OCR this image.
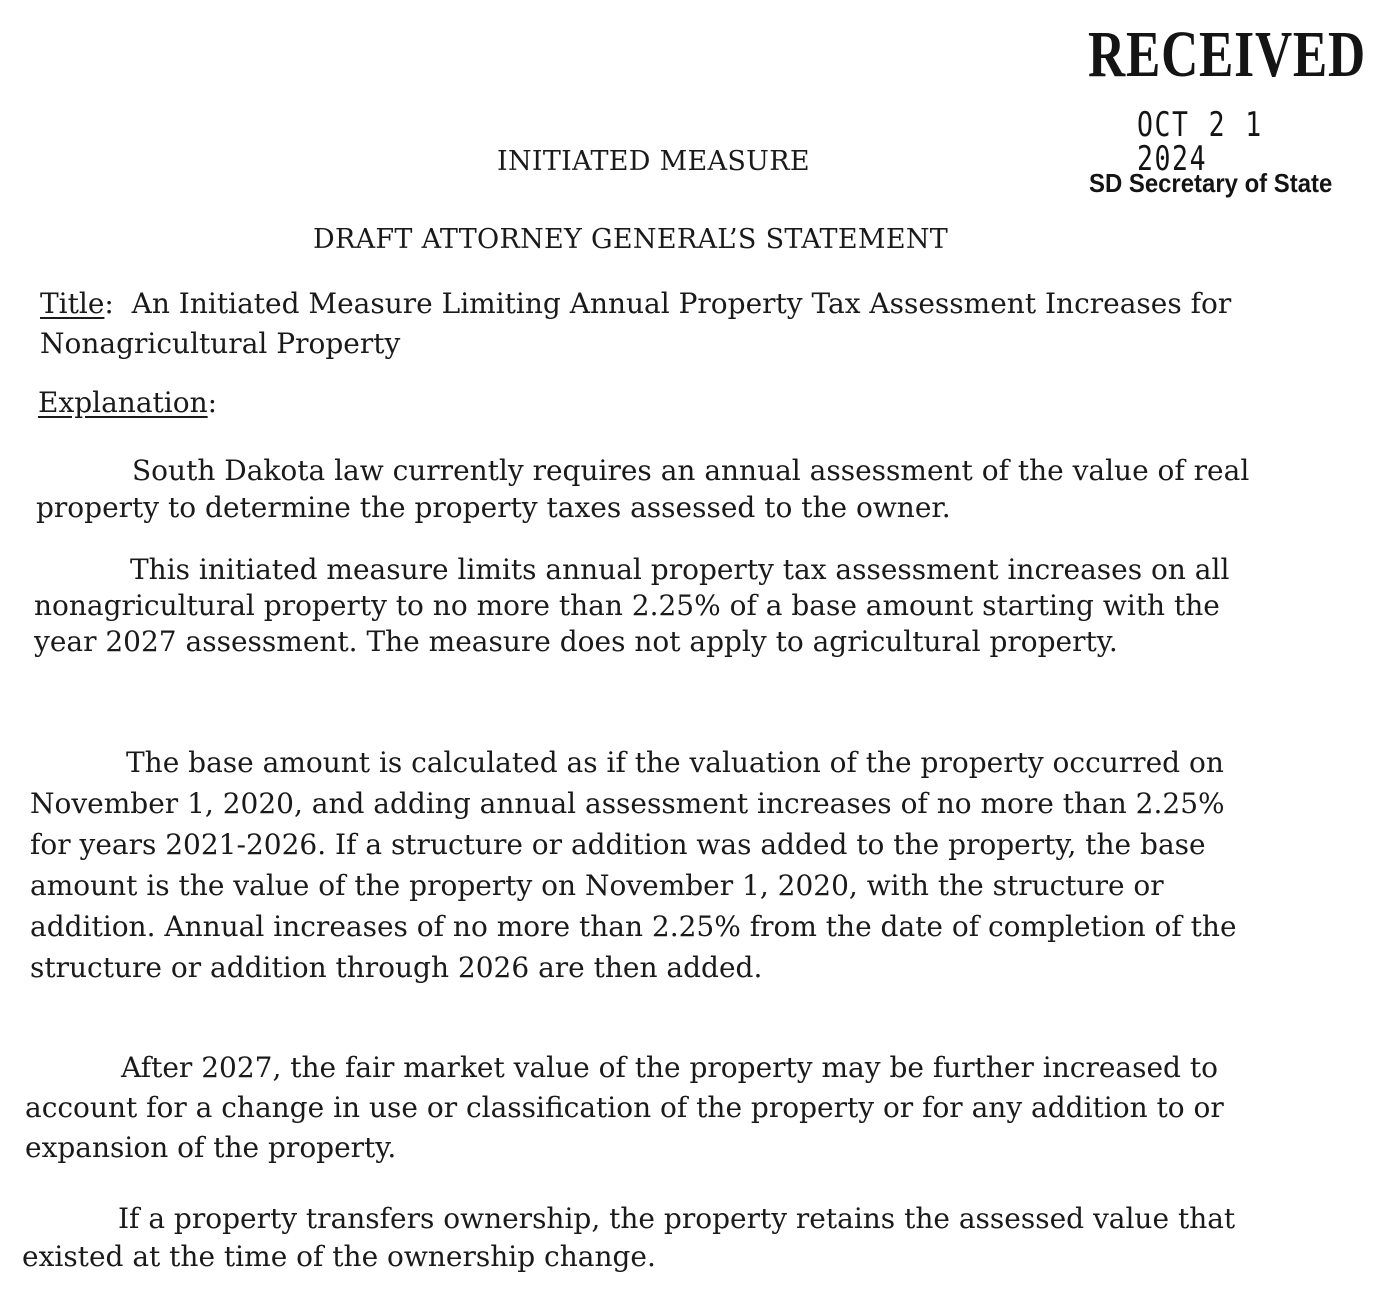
RECEIVED
OCT 2 1 2024
SD Secretary of State
INITIATED MEASURE
DRAFT ATTORNEY GENERAL’S STATEMENT
Title:  An Initiated Measure Limiting Annual Property Tax Assessment Increases for Nonagricultural Property
Explanation:

South Dakota law currently requires an annual assessment of the value of real property to determine the property taxes assessed to the owner.

This initiated measure limits annual property tax assessment increases on all nonagricultural property to no more than 2.25% of a base amount starting with the year 2027 assessment. The measure does not apply to agricultural property.

The base amount is calculated as if the valuation of the property occurred on November 1, 2020, and adding annual assessment increases of no more than 2.25% for years 2021-2026. If a structure or addition was added to the property, the base amount is the value of the property on November 1, 2020, with the structure or addition. Annual increases of no more than 2.25% from the date of completion of the structure or addition through 2026 are then added.

After 2027, the fair market value of the property may be further increased to account for a change in use or classification of the property or for any addition to or expansion of the property.

If a property transfers ownership, the property retains the assessed value that existed at the time of the ownership change.
